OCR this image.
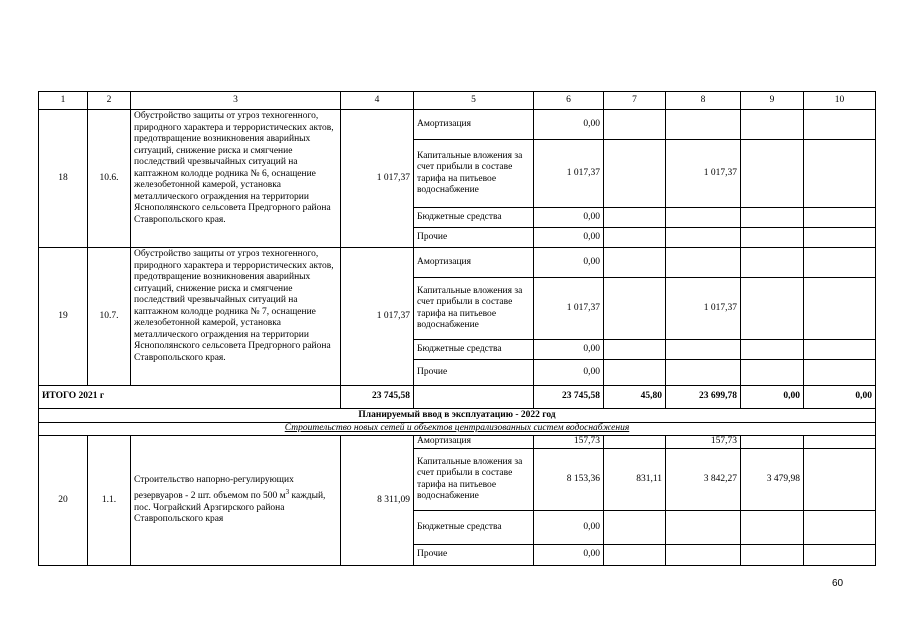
1	2	3	4	5	6	7	8	9	10
18	10.6.	Обустройство защиты от угроз техногенного, природного характера и террористических актов, предотвращение возникновения аварийных ситуаций, снижение риска и смягчение последствий чрезвычайных ситуаций на каптажном колодце родника № 6, оснащение железобетонной камерой, установка металлического ограждения на территории Яснополянского сельсовета Предгорного района Ставропольского края.	1 017,37	Амортизация	0,00				
				Капитальные вложения за счет прибыли в составе тарифа на питьевое водоснабжение	1 017,37		1 017,37		
				Бюджетные средства	0,00				
				Прочие	0,00				
19	10.7.	Обустройство защиты от угроз техногенного, природного характера и террористических актов, предотвращение возникновения аварийных ситуаций, снижение риска и смягчение последствий чрезвычайных ситуаций на каптажном колодце родника № 7, оснащение железобетонной камерой, установка металлического ограждения на территории Яснополянского сельсовета Предгорного района Ставропольского края.	1 017,37	Амортизация	0,00				
				Капитальные вложения за счет прибыли в составе тарифа на питьевое водоснабжение	1 017,37		1 017,37		
				Бюджетные средства	0,00				
				Прочие	0,00				
ИТОГО 2021 г			23 745,58		23 745,58	45,80	23 699,78	0,00	0,00
Планируемый ввод в эксплуатацию - 2022 год									
Строительство новых сетей и объектов централизованных систем водоснабжения									
20	1.1.	Строительство напорно-регулирующих резервуаров - 2 шт. объемом по 500 $м^3$ каждый, пос. Чограйский Арзгирского района Ставропольского края	8 311,09	Амортизация	157,73		157,73		
				Капитальные вложения за счет прибыли в составе тарифа на питьевое водоснабжение	8 153,36	831,11	3 842,27	3 479,98	
				Бюджетные средства	0,00				
				Прочие	0,00				
60
